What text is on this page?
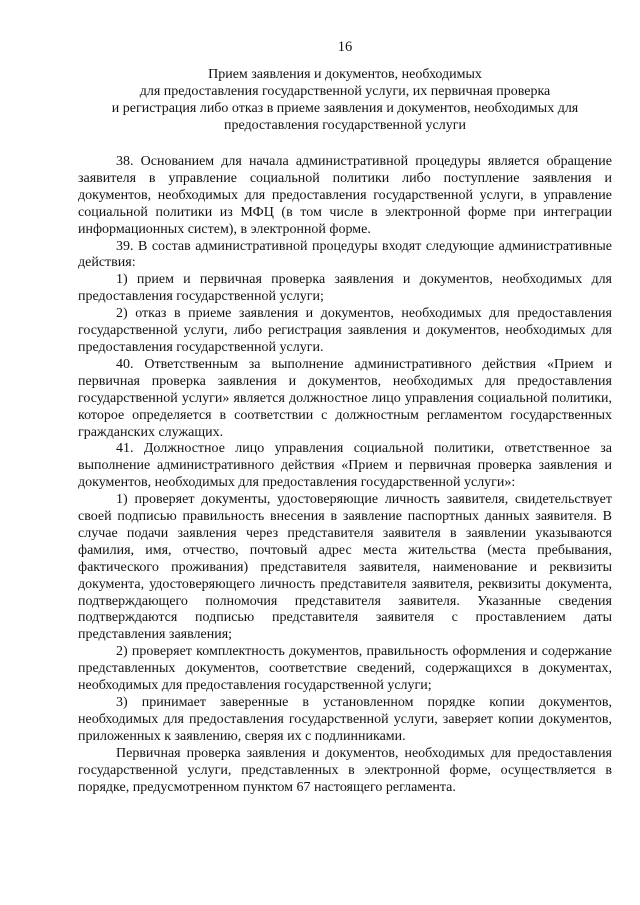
16
Прием заявления и документов, необходимых
для предоставления государственной услуги, их первичная проверка
и регистрация либо отказ в приеме заявления и документов, необходимых для
предоставления государственной услуги

38. Основанием для начала административной процедуры является обращение заявителя в управление социальной политики либо поступление заявления и документов, необходимых для предоставления государственной услуги, в управление социальной политики из МФЦ (в том числе в электронной форме при интеграции информационных систем), в электронной форме.

39. В состав административной процедуры входят следующие административные действия:

1) прием и первичная проверка заявления и документов, необходимых для предоставления государственной услуги;

2) отказ в приеме заявления и документов, необходимых для предоставления государственной услуги, либо регистрация заявления и документов, необходимых для предоставления государственной услуги.

40. Ответственным за выполнение административного действия «Прием и первичная проверка заявления и документов, необходимых для предоставления государственной услуги» является должностное лицо управления социальной политики, которое определяется в соответствии с должностным регламентом государственных гражданских служащих.

41. Должностное лицо управления социальной политики, ответственное за выполнение административного действия «Прием и первичная проверка заявления и документов, необходимых для предоставления государственной услуги»:

1) проверяет документы, удостоверяющие личность заявителя, свидетельствует своей подписью правильность внесения в заявление паспортных данных заявителя. В случае подачи заявления через представителя заявителя в заявлении указываются фамилия, имя, отчество, почтовый адрес места жительства (места пребывания, фактического проживания) представителя заявителя, наименование и реквизиты документа, удостоверяющего личность представителя заявителя, реквизиты документа, подтверждающего полномочия представителя заявителя. Указанные сведения подтверждаются подписью представителя заявителя с проставлением даты представления заявления;

2) проверяет комплектность документов, правильность оформления и содержание представленных документов, соответствие сведений, содержащихся в документах, необходимых для предоставления государственной услуги;

3) принимает заверенные в установленном порядке копии документов, необходимых для предоставления государственной услуги, заверяет копии документов, приложенных к заявлению, сверяя их с подлинниками.

Первичная проверка заявления и документов, необходимых для предоставления государственной услуги, представленных в электронной форме, осуществляется в порядке, предусмотренном пунктом 67 настоящего регламента.
